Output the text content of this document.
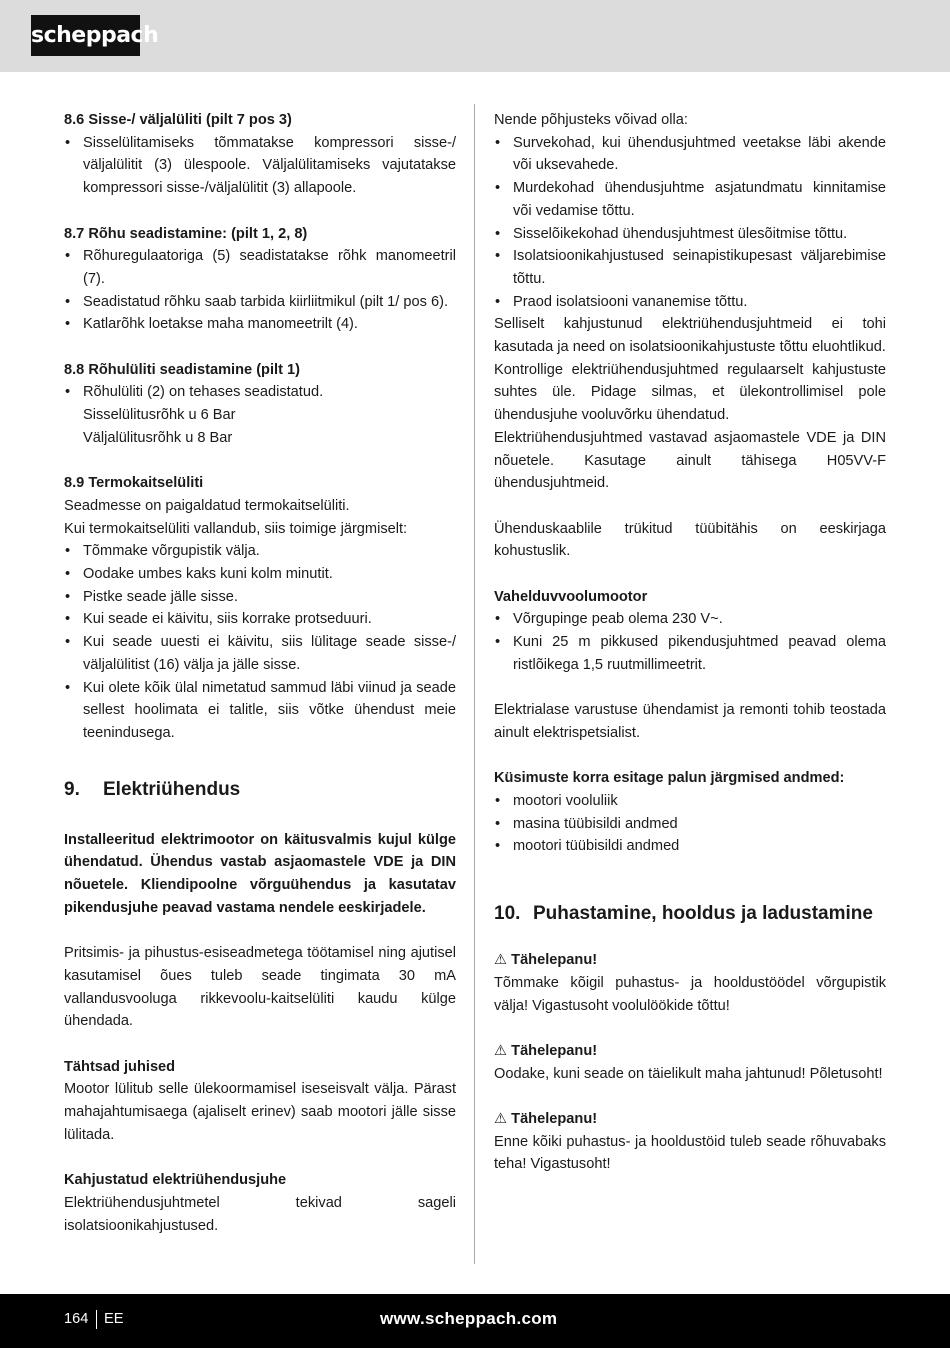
scheppach

8.6 Sisse-/ väljalüliti (pilt 7 pos 3)

• Sisselülitamiseks tõmmatakse kompressori sisse-/ väljalülitit (3) ülespoole. Väljalülitamiseks vajutatakse kompressori sisse-/väljalülitit (3) allapoole.

8.7 Rõhu seadistamine: (pilt 1, 2, 8)

• Rõhuregulaatoriga (5) seadistatakse rõhk manomeetril (7).
• Seadistatud rõhku saab tarbida kiirliitmikul (pilt 1/ pos 6).
• Katlarõhk loetakse maha manomeetrilt (4).

8.8 Rõhulüliti seadistamine (pilt 1)

• Rõhulüliti (2) on tehases seadistatud.
Sisselülitusrõhk u 6 Bar
Väljalülitusrõhk u 8 Bar

8.9 Termokaitselüliti

Seadmesse on paigaldatud termokaitselüliti.

Kui termokaitselüliti vallandub, siis toimige järgmiselt:

• Tõmmake võrgupistik välja.
• Oodake umbes kaks kuni kolm minutit.
• Pistke seade jälle sisse.
• Kui seade ei käivitu, siis korrake protseduuri.
• Kui seade uuesti ei käivitu, siis lülitage seade sisse-/ väljalülitist (16) välja ja jälle sisse.
• Kui olete kõik ülal nimetatud sammud läbi viinud ja seade sellest hoolimata ei talitle, siis võtke ühendust meie teenindusega.

9. Elektriühendus

Installeeritud elektrimootor on käitusvalmis kujul külge ühendatud. Ühendus vastab asjaomastele VDE ja DIN nõuetele. Kliendipoolne võrguühendus ja kasutatav pikendusjuhe peavad vastama nendele eeskirjadele.

Pritsimis- ja pihustus-esiseadmetega töötamisel ning ajutisel kasutamisel õues tuleb seade tingimata 30 mA vallandusvooluga rikkevoolu-kaitselüliti kaudu külge ühendada.

Tähtsad juhised

Mootor lülitub selle ülekoormamisel iseseisvalt välja. Pärast mahajahtumisaega (ajaliselt erinev) saab mootori jälle sisse lülitada.

Kahjustatud elektriühendusjuhe

Elektriühendusjuhtmetel tekivad sageli isolatsioonikahjustused.

Nende põhjusteks võivad olla:

• Survekohad, kui ühendusjuhtmed veetakse läbi akende või uksevahede.
• Murdekohad ühendusjuhtme asjatundmatu kinnitamise või vedamise tõttu.
• Sisselõikekohad ühendusjuhtmest ülesõitmise tõttu.
• Isolatsioonikahjustused seinapistikupesast väljarebimise tõttu.
• Praod isolatsiooni vananemise tõttu.

Selliselt kahjustunud elektriühendusjuhtmeid ei tohi kasutada ja need on isolatsioonikahjustuste tõttu eluohtlikud.

Kontrollige elektriühendusjuhtmed regulaarselt kahjustuste suhtes üle. Pidage silmas, et ülekontrollimisel pole ühendusjuhe vooluvõrku ühendatud.

Elektriühendusjuhtmed vastavad asjaomastele VDE ja DIN nõuetele. Kasutage ainult tähisega H05VV-F ühendusjuhtmeid.

Ühenduskaablile trükitud tüübitähis on eeskirjaga kohustuslik.

Vahelduvvoolumootor

• Võrgupinge peab olema 230 V~.
• Kuni 25 m pikkused pikendusjuhtmed peavad olema ristlõikega 1,5 ruutmillimeetrit.

Elektrialase varustuse ühendamist ja remonti tohib teostada ainult elektrispetsialist.

Küsimuste korra esitage palun järgmised andmed:

• mootori vooluliik
• masina tüübisildi andmed
• mootori tüübisildi andmed

10. Puhastamine, hooldus ja ladustamine

⚠ Tähelepanu!

Tõmmake kõigil puhastus- ja hooldustöödel võrgupistik välja! Vigastusoht voolulöökide tõttu!

⚠ Tähelepanu!

Oodake, kuni seade on täielikult maha jahtunud! Põletusoht!

⚠ Tähelepanu!

Enne kõiki puhastus- ja hooldustöid tuleb seade rõhuvabaks teha! Vigastusoht!

164 EE	www.scheppach.com
